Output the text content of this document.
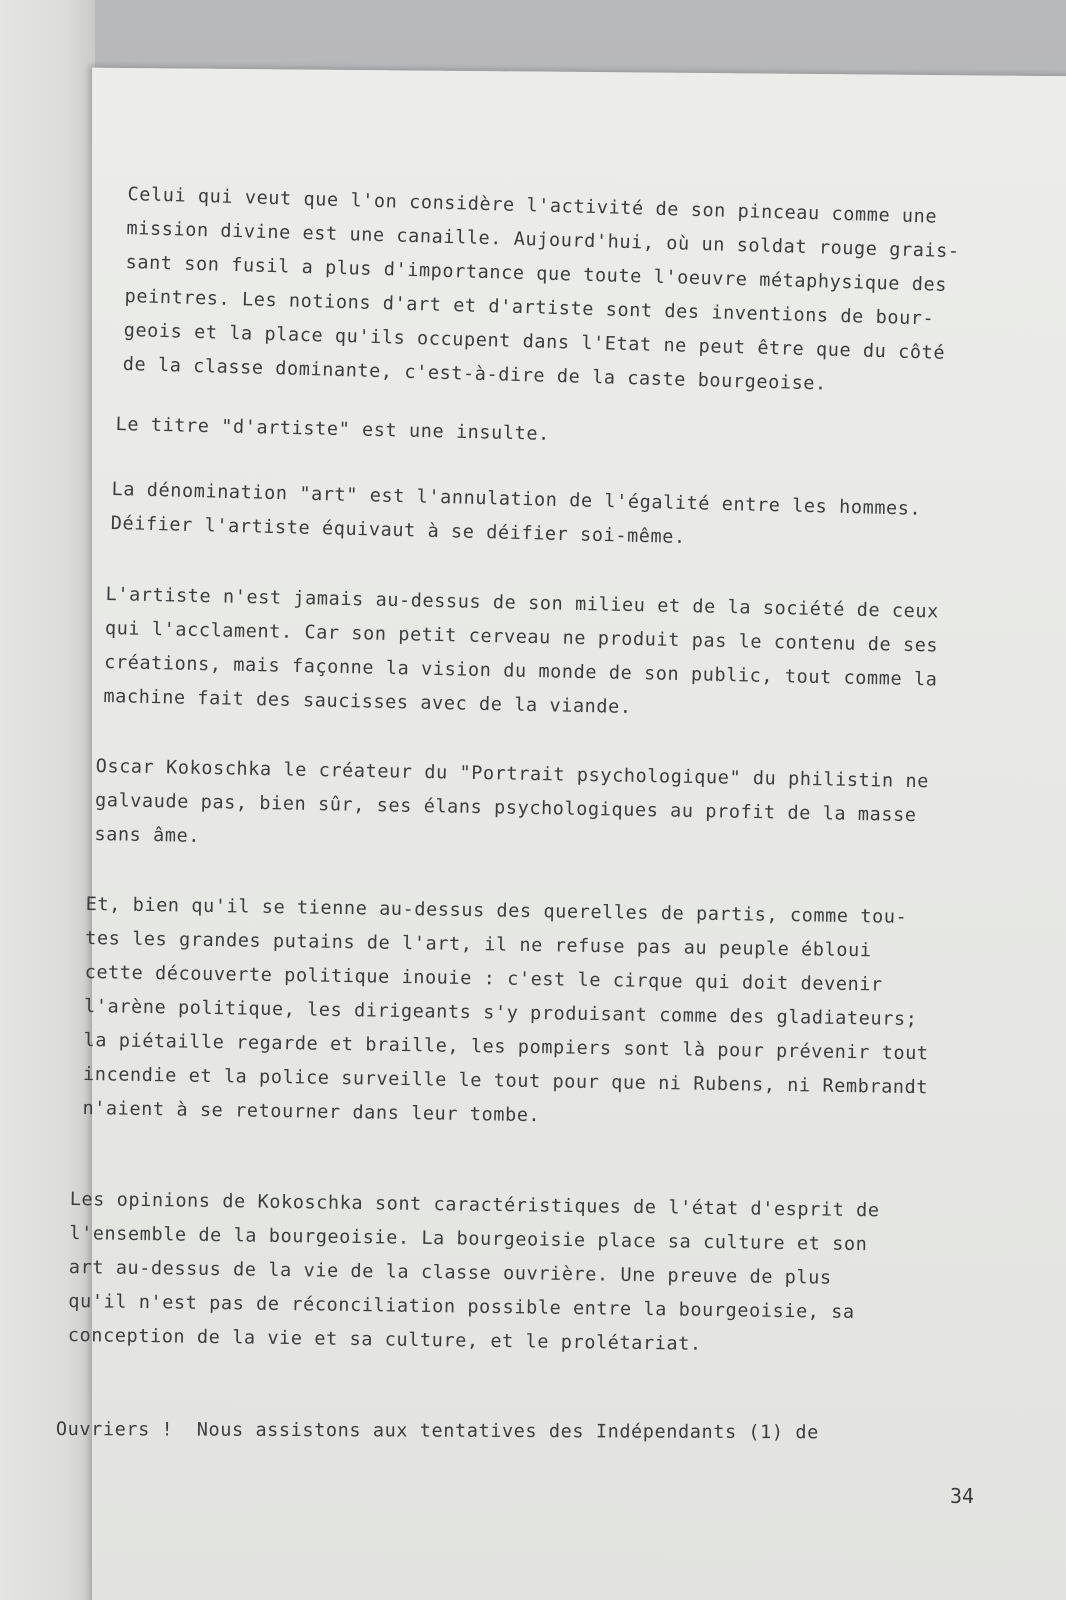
Celui qui veut que l'on considère l'activité de son pinceau comme une
mission divine est une canaille. Aujourd'hui, où un soldat rouge grais-
sant son fusil a plus d'importance que toute l'oeuvre métaphysique des
peintres. Les notions d'art et d'artiste sont des inventions de bour-
geois et la place qu'ils occupent dans l'Etat ne peut être que du côté
de la classe dominante, c'est-à-dire de la caste bourgeoise.

Le titre "d'artiste" est une insulte.

La dénomination "art" est l'annulation de l'égalité entre les hommes.
Déifier l'artiste équivaut à se déifier soi-même.

L'artiste n'est jamais au-dessus de son milieu et de la société de ceux
qui l'acclament. Car son petit cerveau ne produit pas le contenu de ses
créations, mais façonne la vision du monde de son public, tout comme la
machine fait des saucisses avec de la viande.

Oscar Kokoschka le créateur du "Portrait psychologique" du philistin ne
galvaude pas, bien sûr, ses élans psychologiques au profit de la masse
sans âme.

Et, bien qu'il se tienne au-dessus des querelles de partis, comme tou-
tes les grandes putains de l'art, il ne refuse pas au peuple ébloui
cette découverte politique inouie : c'est le cirque qui doit devenir
l'arène politique, les dirigeants s'y produisant comme des gladiateurs;
la piétaille regarde et braille, les pompiers sont là pour prévenir tout
incendie et la police surveille le tout pour que ni Rubens, ni Rembrandt
n'aient à se retourner dans leur tombe.

Les opinions de Kokoschka sont caractéristiques de l'état d'esprit de
l'ensemble de la bourgeoisie. La bourgeoisie place sa culture et son
art au-dessus de la vie de la classe ouvrière. Une preuve de plus
qu'il n'est pas de réconciliation possible entre la bourgeoisie, sa
conception de la vie et sa culture, et le prolétariat.

Ouvriers !  Nous assistons aux tentatives des Indépendants (1) de

34
